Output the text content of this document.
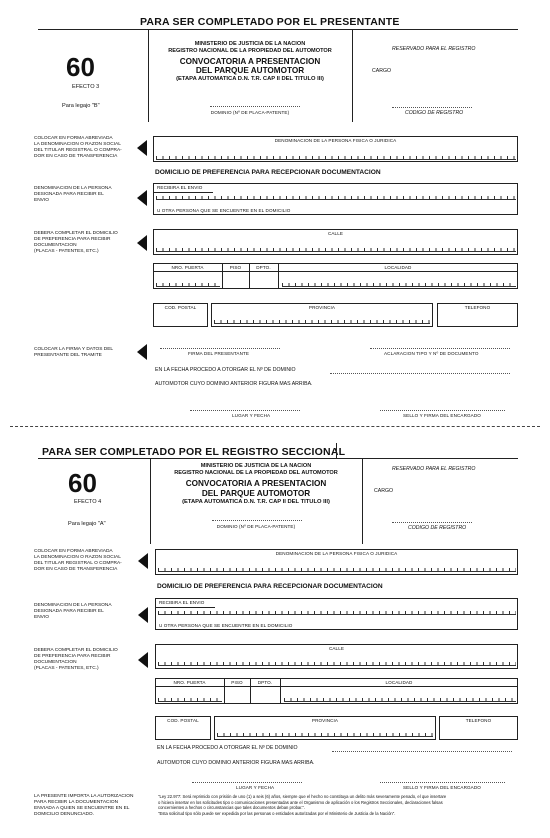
PARA SER COMPLETADO POR EL PRESENTANTE
60
EFECTO 3
Para legajo "B"
MINISTERIO DE JUSTICIA DE LA NACION
REGISTRO NACIONAL DE LA PROPIEDAD DEL AUTOMOTOR
CONVOCATORIA A PRESENTACION
DEL PARQUE AUTOMOTOR
(ETAPA AUTOMATICA D.N. T.R. CAP II DEL TITULO III)
DOMINIO (Nº DE PLACA-PATENTE)
RESERVADO PARA EL REGISTRO
CARGO
CODIGO DE REGISTRO
COLOCAR EN FORMA ABREVIADA
LA DENOMINACION O RAZON SOCIAL
DEL TITULAR REGISTRAL O COMPRA-
DOR EN CASO DE TRANSFERENCIA
DENOMINACION DE LA PERSONA FISICA O JURIDICA
DOMICILIO DE PREFERENCIA PARA RECEPCIONAR DOCUMENTACION
DENOMINACION DE LA PERSONA
DESIGNADA PARA RECIBIR EL
ENVIO
RECIBIRA EL ENVIO
U OTRA PERSONA QUE SE ENCUENTRE EN EL DOMICILIO
DEBERA COMPLETAR EL DOMICILIO
DE PREFERENCIA PARA RECIBIR
DOCUMENTACION
(PLACAS - PATENTES, ETC.)
CALLE
NRO. PUERTA	PISO	DPTO.	LOCALIDAD
COD. POSTAL	PROVINCIA	TELEFONO
COLOCAR LA FIRMA Y DATOS DEL
PRESENTANTE DEL TRAMITE	FIRMA DEL PRESENTANTE	ACLARACION TIPO Y Nº DE DOCUMENTO
EN LA FECHA PROCEDO A OTORGAR EL Nº DE DOMINIO
AUTOMOTOR CUYO DOMINIO ANTERIOR FIGURA MAS ARRIBA.
LUGAR Y FECHA	SELLO Y FIRMA DEL ENCARGADO
PARA SER COMPLETADO POR EL REGISTRO SECCIONAL
60
EFECTO 4
Para legajo "A"
MINISTERIO DE JUSTICIA DE LA NACION
REGISTRO NACIONAL DE LA PROPIEDAD DEL AUTOMOTOR
CONVOCATORIA A PRESENTACION
DEL PARQUE AUTOMOTOR
(ETAPA AUTOMATICA D.N. T.R. CAP II DEL TITULO III)
DOMINIO (Nº DE PLACA-PATENTE)
RESERVADO PARA EL REGISTRO
CARGO
CODIGO DE REGISTRO
COLOCAR EN FORMA ABREVIADA
LA DENOMINACION O RAZON SOCIAL
DEL TITULAR REGISTRAL O COMPRA-
DOR EN CASO DE TRANSFERENCIA
DENOMINACION DE LA PERSONA FISICA O JURIDICA
DOMICILIO DE PREFERENCIA PARA RECEPCIONAR DOCUMENTACION
DENOMINACION DE LA PERSONA
DESIGNADA PARA RECIBIR EL
ENVIO
RECIBIRA EL ENVIO
U OTRA PERSONA QUE SE ENCUENTRE EN EL DOMICILIO
DEBERA COMPLETAR EL DOMICILIO
DE PREFERENCIA PARA RECIBIR
DOCUMENTACION
(PLACAS - PATENTES, ETC.)
CALLE
NRO. PUERTA	PISO	DPTO.	LOCALIDAD
COD. POSTAL	PROVINCIA	TELEFONO
EN LA FECHA PROCEDO A OTORGAR EL Nº DE DOMINIO
AUTOMOTOR CUYO DOMINIO ANTERIOR FIGURA MAS ARRIBA.
LUGAR Y FECHA	SELLO Y FIRMA DEL ENCARGADO
LA PRESENTE IMPORTA LA AUTORIZACION
PARA RECIBIR LA DOCUMENTACION
ENVIADA A QUIEN SE ENCUENTRE EN EL
DOMICILIO DENUNCIADO.
"Ley 22.977: Será reprimido con prisión de uno (1) a seis (6) años, siempre que el hecho no constituya un delito más severamente penado, el que insertare
o hiciera insertar en los solicitudes tipo o comunicaciones presentadas ante el Organismo de aplicación o los Registros Seccionales, declaraciones falsas
concernientes a hechos o circunstancias que tales documentos deban probar.".
"Esta solicitud tipo sólo puede ser expedida por las personas o entidades autorizadas por el Ministerio de Justicia de la Nación".
